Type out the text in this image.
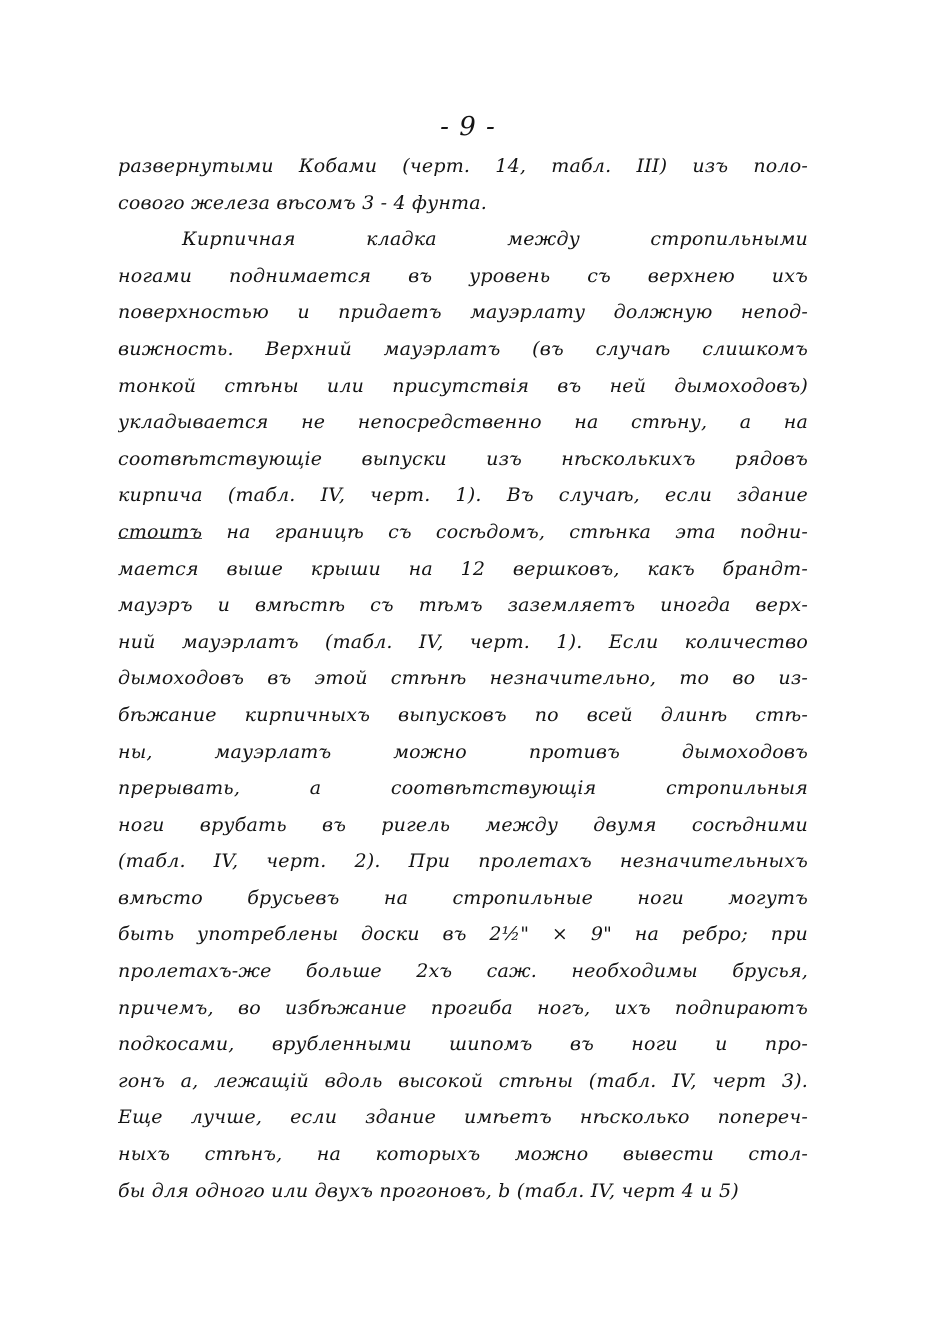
- 9 -
развернутыми Кобами (черт. 14, табл. III) изъ поло-
сового железа вѣсомъ 3 - 4 фунта.
Кирпичная кладка между стропильными
ногами поднимается въ уровень съ верхнею ихъ
поверхностью и придаетъ мауэрлату должную непод-
вижность. Верхний мауэрлатъ (въ случаѣ слишкомъ
тонкой стѣны или присутствiя въ ней дымоходовъ)
укладывается не непосредственно на стѣну, а на
соотвѣтствующiе выпуски изъ нѣсколькихъ рядовъ
кирпича (табл. IV, черт. 1). Въ случаѣ, если здание
стоитъ на границѣ съ сосѣдомъ, стѣнка эта подни-
мается выше крыши на 12 вершковъ, какъ брандт-
мауэръ и вмѣстѣ съ тѣмъ заземляетъ иногда верх-
ний мауэрлатъ (табл. IV, черт. 1). Если количество
дымоходовъ въ этой стѣнѣ незначительно, то во из-
бѣжание кирпичныхъ выпусковъ по всей длинѣ стѣ-
ны, мауэрлатъ можно противъ дымоходовъ
прерывать, а соотвѣтствующiя стропильныя
ноги врубать въ ригель между двумя сосѣдними
(табл. IV, черт. 2). При пролетахъ незначительныхъ
вмѣсто брусьевъ на стропильные ноги могутъ
быть употреблены доски въ 2½" × 9" на ребро; при
пролетахъ-же больше 2хъ саж. необходимы брусья,
причемъ, во избѣжание прогиба ногъ, ихъ подпираютъ
подкосами, врубленными шипомъ въ ноги и про-
гонъ a, лежащiй вдоль высокой стѣны (табл. IV, черт 3).
Еще лучше, если здание имѣетъ нѣсколько попереч-
ныхъ стѣнъ, на которыхъ можно вывести стол-
бы для одного или двухъ прогоновъ, b (табл. IV, черт 4 и 5)
